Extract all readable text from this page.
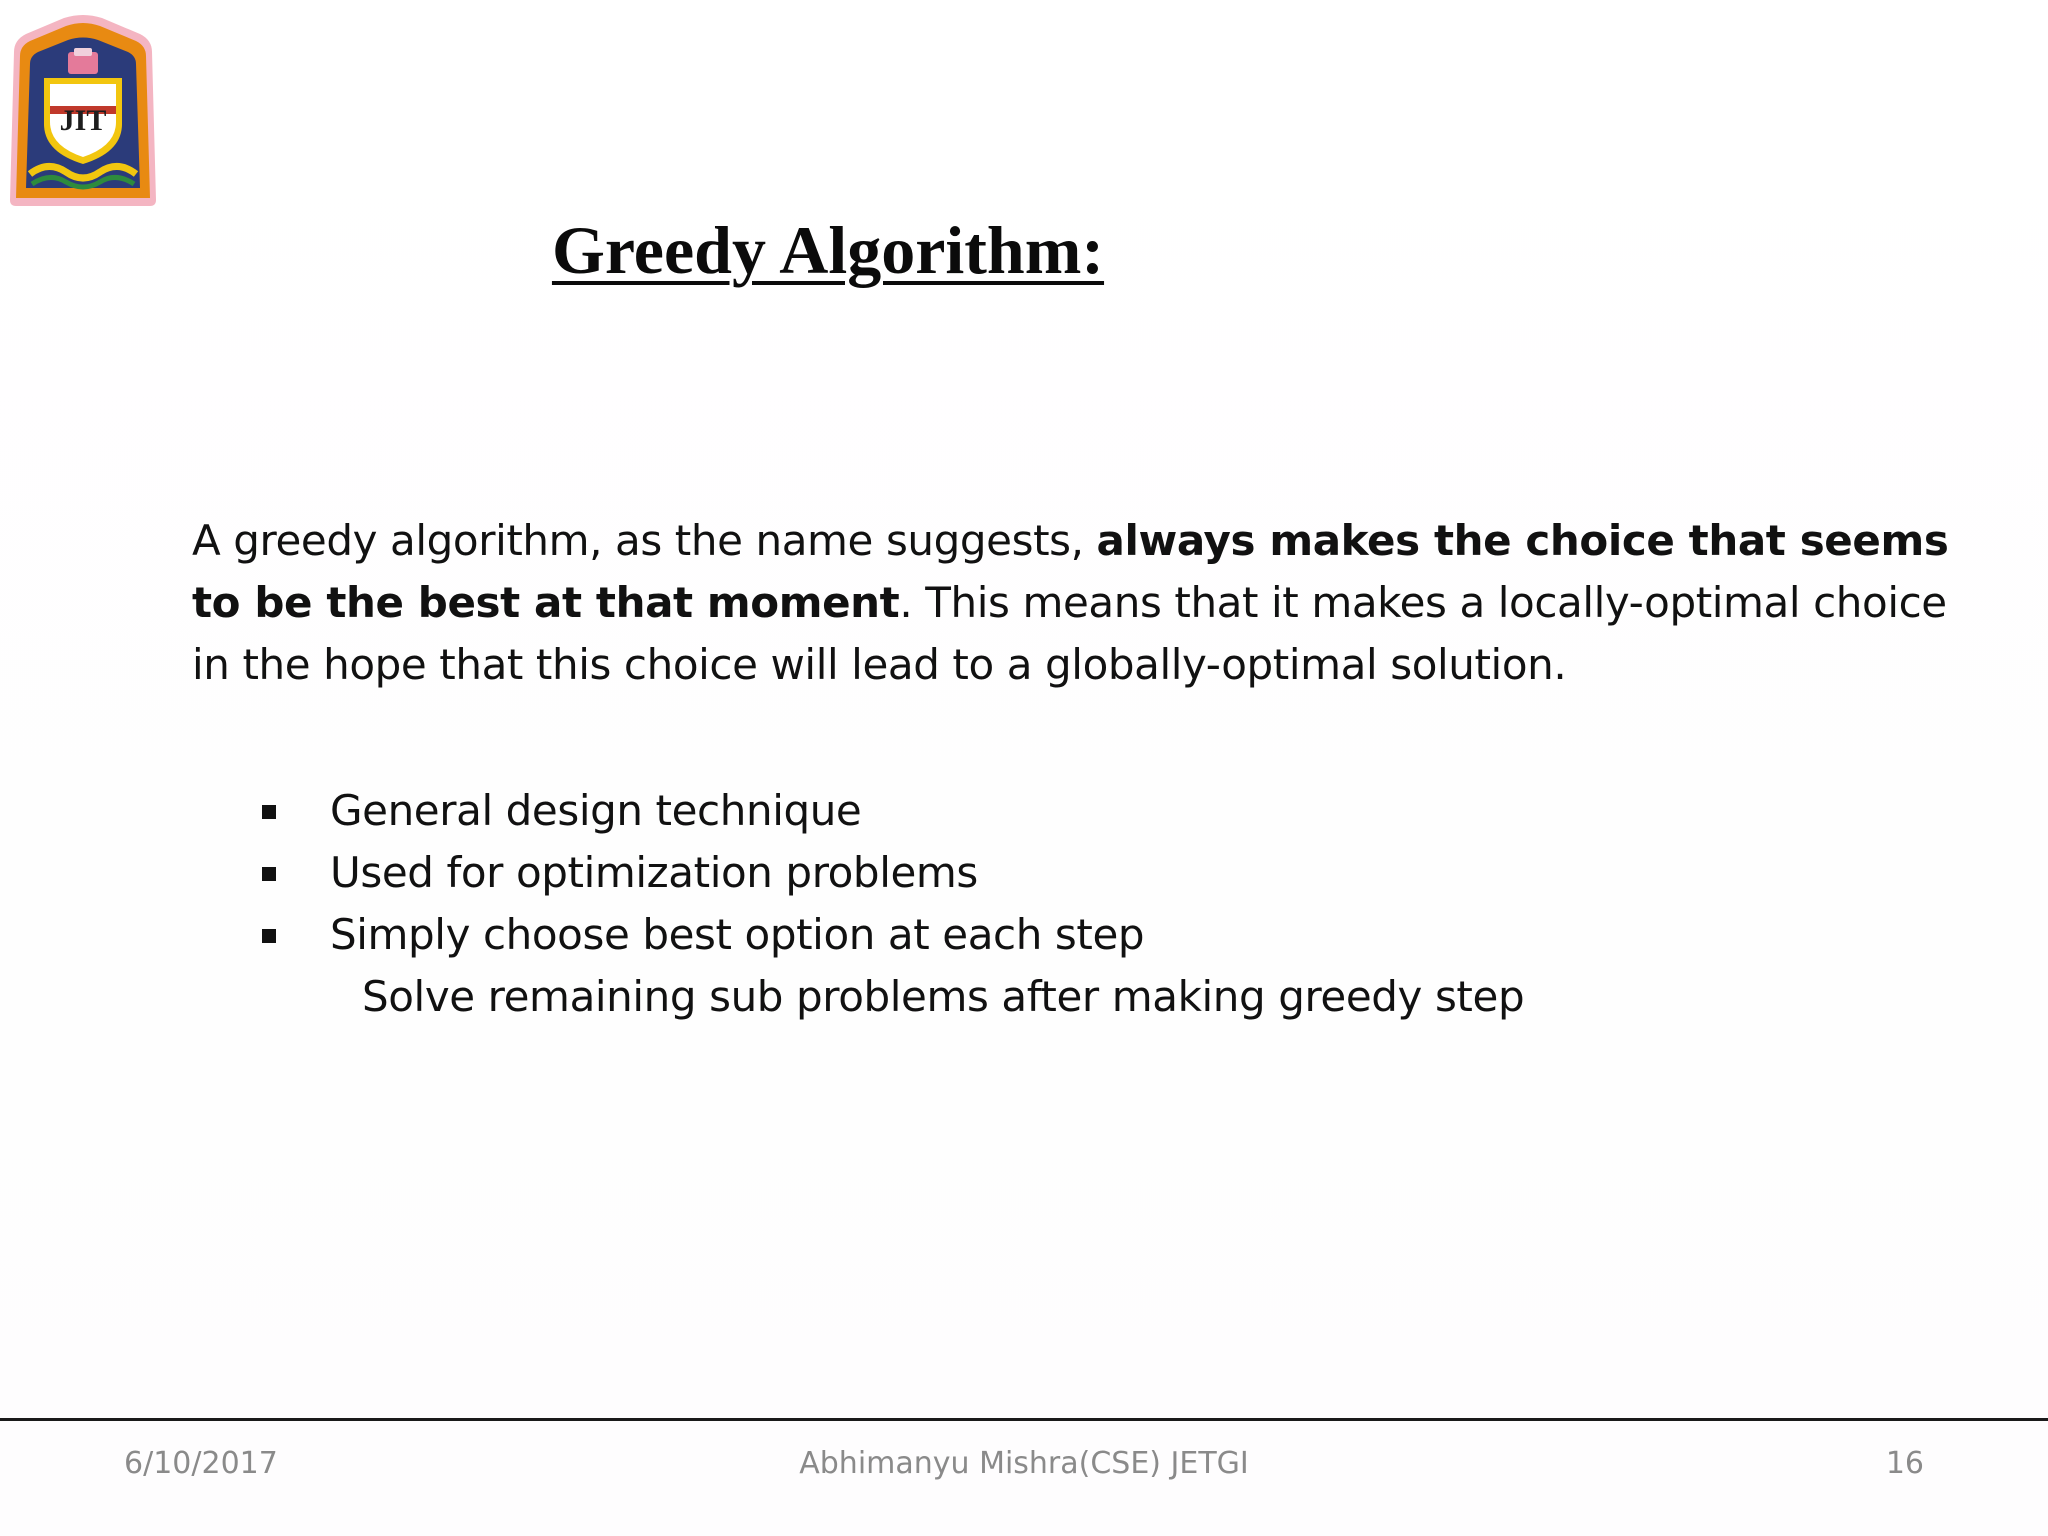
JIT
Greedy Algorithm:
A greedy algorithm, as the name suggests, always makes the choice that seems to be the best at that moment. This means that it makes a locally-optimal choice in the hope that this choice will lead to a globally-optimal solution.
General design technique
Used for optimization problems
Simply choose best option at each step
Solve remaining sub problems after making greedy step
6/10/2017	Abhimanyu Mishra(CSE) JETGI	16
